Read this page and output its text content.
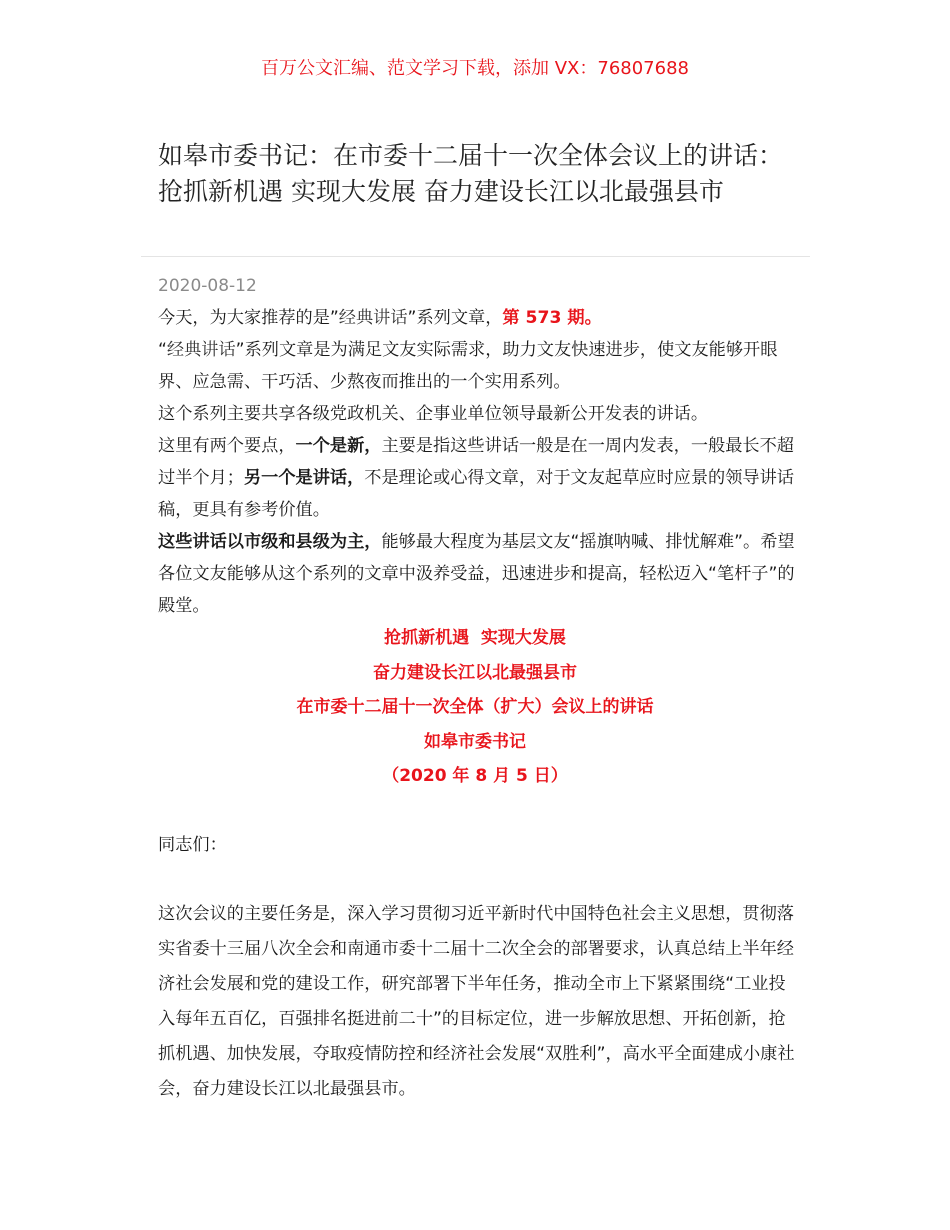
百万公文汇编、范文学习下载，添加 VX：76807688
如皋市委书记：在市委十二届十一次全体会议上的讲话：抢抓新机遇 实现大发展 奋力建设长江以北最强县市
2020-08-12

今天，为大家推荐的是”经典讲话”系列文章，第 573 期。

“经典讲话”系列文章是为满足文友实际需求，助力文友快速进步，使文友能够开眼界、应急需、干巧活、少熬夜而推出的一个实用系列。

这个系列主要共享各级党政机关、企事业单位领导最新公开发表的讲话。

这里有两个要点，一个是新，主要是指这些讲话一般是在一周内发表，一般最长不超过半个月；另一个是讲话，不是理论或心得文章，对于文友起草应时应景的领导讲话稿，更具有参考价值。

这些讲话以市级和县级为主，能够最大程度为基层文友“摇旗呐喊、排忧解难”。希望各位文友能够从这个系列的文章中汲养受益，迅速进步和提高，轻松迈入“笔杆子”的殿堂。

抢抓新机遇  实现大发展
奋力建设长江以北最强县市
在市委十二届十一次全体（扩大）会议上的讲话
如皋市委书记
（2020 年 8 月 5 日）
同志们：
这次会议的主要任务是，深入学习贯彻习近平新时代中国特色社会主义思想，贯彻落实省委十三届八次全会和南通市委十二届十二次全会的部署要求，认真总结上半年经济社会发展和党的建设工作，研究部署下半年任务，推动全市上下紧紧围绕“工业投入每年五百亿，百强排名挺进前二十”的目标定位，进一步解放思想、开拓创新，抢抓机遇、加快发展，夺取疫情防控和经济社会发展“双胜利”，高水平全面建成小康社会，奋力建设长江以北最强县市。
